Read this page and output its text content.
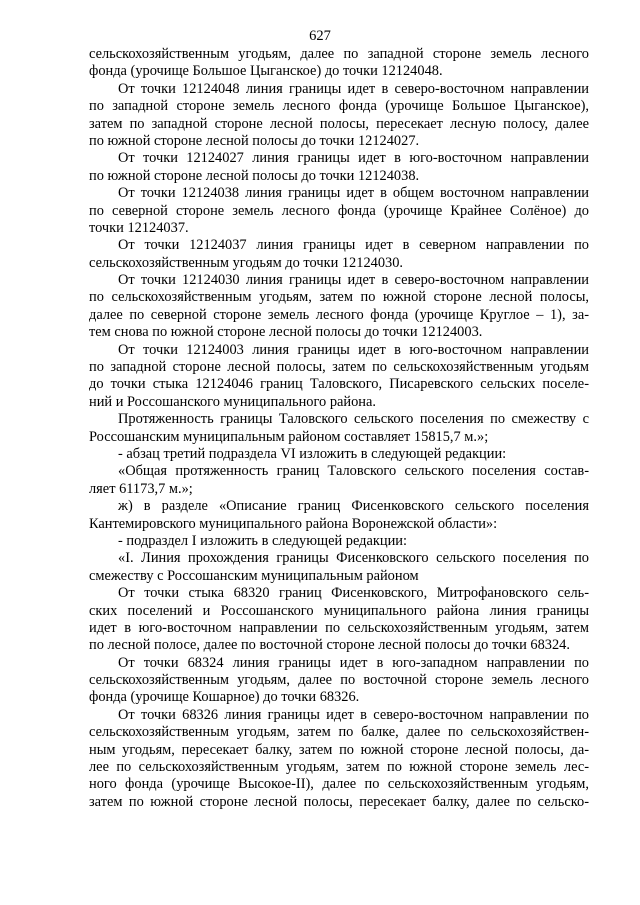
627
сельскохозяйственным угодьям, далее по западной стороне земель лесного
фонда (урочище Большое Цыганское) до точки 12124048.
От точки 12124048 линия границы идет в северо-восточном направлении
по западной стороне земель лесного фонда (урочище Большое Цыганское),
затем по западной стороне лесной полосы, пересекает лесную полосу, далее
по южной стороне лесной полосы до точки 12124027.
От точки 12124027 линия границы идет в юго-восточном направлении
по южной стороне лесной полосы до точки 12124038.
От точки 12124038 линия границы идет в общем восточном направлении
по северной стороне земель лесного фонда (урочище Крайнее Солёное) до
точки 12124037.
От точки 12124037 линия границы идет в северном направлении по
сельскохозяйственным угодьям до точки 12124030.
От точки 12124030 линия границы идет в северо-восточном направлении
по сельскохозяйственным угодьям, затем по южной стороне лесной полосы,
далее по северной стороне земель лесного фонда (урочище Круглое – 1), за-
тем снова по южной стороне лесной полосы до точки 12124003.
От точки 12124003 линия границы идет в юго-восточном направлении
по западной стороне лесной полосы, затем по сельскохозяйственным угодьям
до точки стыка 12124046 границ Таловского, Писаревского сельских поселе-
ний и Россошанского муниципального района.
Протяженность границы Таловского сельского поселения по смежеству с
Россошанским муниципальным районом составляет 15815,7 м.»;
- абзац третий подраздела VI изложить в следующей редакции:
«Общая протяженность границ Таловского сельского поселения состав-
ляет 61173,7 м.»;
ж) в разделе «Описание границ Фисенковского сельского поселения
Кантемировского муниципального района Воронежской области»:
- подраздел I изложить в следующей редакции:
«I. Линия прохождения границы Фисенковского сельского поселения по
смежеству с Россошанским муниципальным районом
От точки стыка 68320 границ Фисенковского, Митрофановского сель-
ских поселений и Россошанского муниципального района линия границы
идет в юго-восточном направлении по сельскохозяйственным угодьям, затем
по лесной полосе, далее по восточной стороне лесной полосы до точки 68324.
От точки 68324 линия границы идет в юго-западном направлении по
сельскохозяйственным угодьям, далее по восточной стороне земель лесного
фонда (урочище Кошарное) до точки 68326.
От точки 68326 линия границы идет в северо-восточном направлении по
сельскохозяйственным угодьям, затем по балке, далее по сельскохозяйствен-
ным угодьям, пересекает балку, затем по южной стороне лесной полосы, да-
лее по сельскохозяйственным угодьям, затем по южной стороне земель лес-
ного фонда (урочище Высокое-II), далее по сельскохозяйственным угодьям,
затем по южной стороне лесной полосы, пересекает балку, далее по сельско-
